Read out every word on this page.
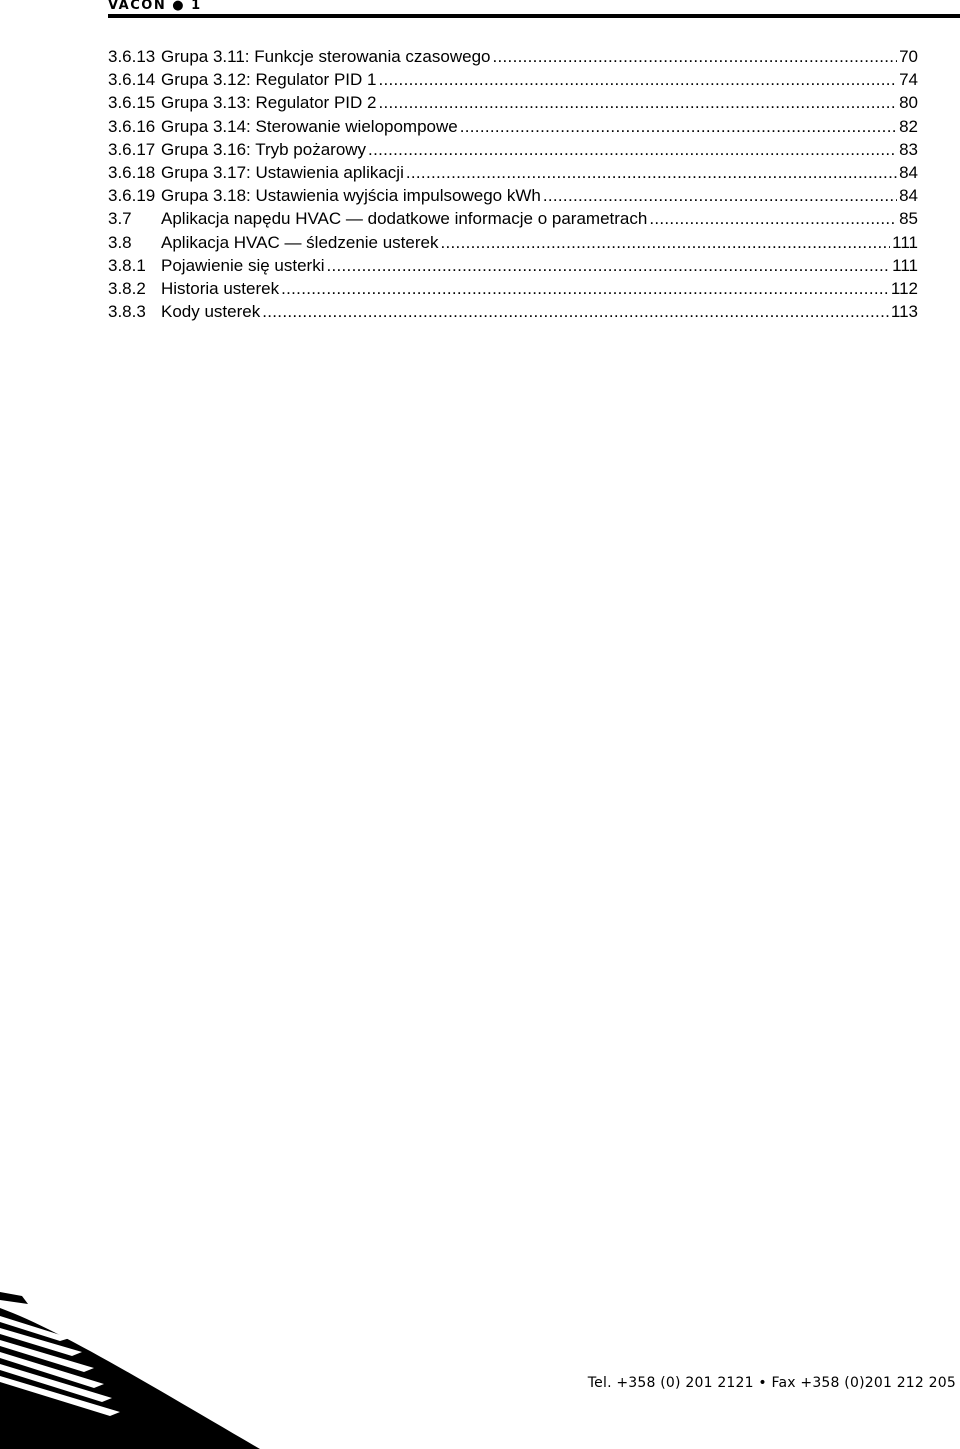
VACON ● 1
3.6.13 Grupa 3.11: Funkcje sterowania czasowego .....	70
3.6.14 Grupa 3.12: Regulator PID 1 .....	74
3.6.15 Grupa 3.13: Regulator PID 2 .....	80
3.6.16 Grupa 3.14: Sterowanie wielopompowe .....	82
3.6.17 Grupa 3.16: Tryb pożarowy .....	83
3.6.18 Grupa 3.17: Ustawienia aplikacji .....	84
3.6.19 Grupa 3.18: Ustawienia wyjścia impulsowego kWh .....	84
3.7	Aplikacja napędu HVAC — dodatkowe informacje o parametrach .....	85
3.8	Aplikacja HVAC — śledzenie usterek .....	111
3.8.1 Pojawienie się usterki .....	111
3.8.2 Historia usterek .....	112
3.8.3 Kody usterek .....	113
Tel. +358 (0) 201 2121 • Fax +358 (0)201 212 205
